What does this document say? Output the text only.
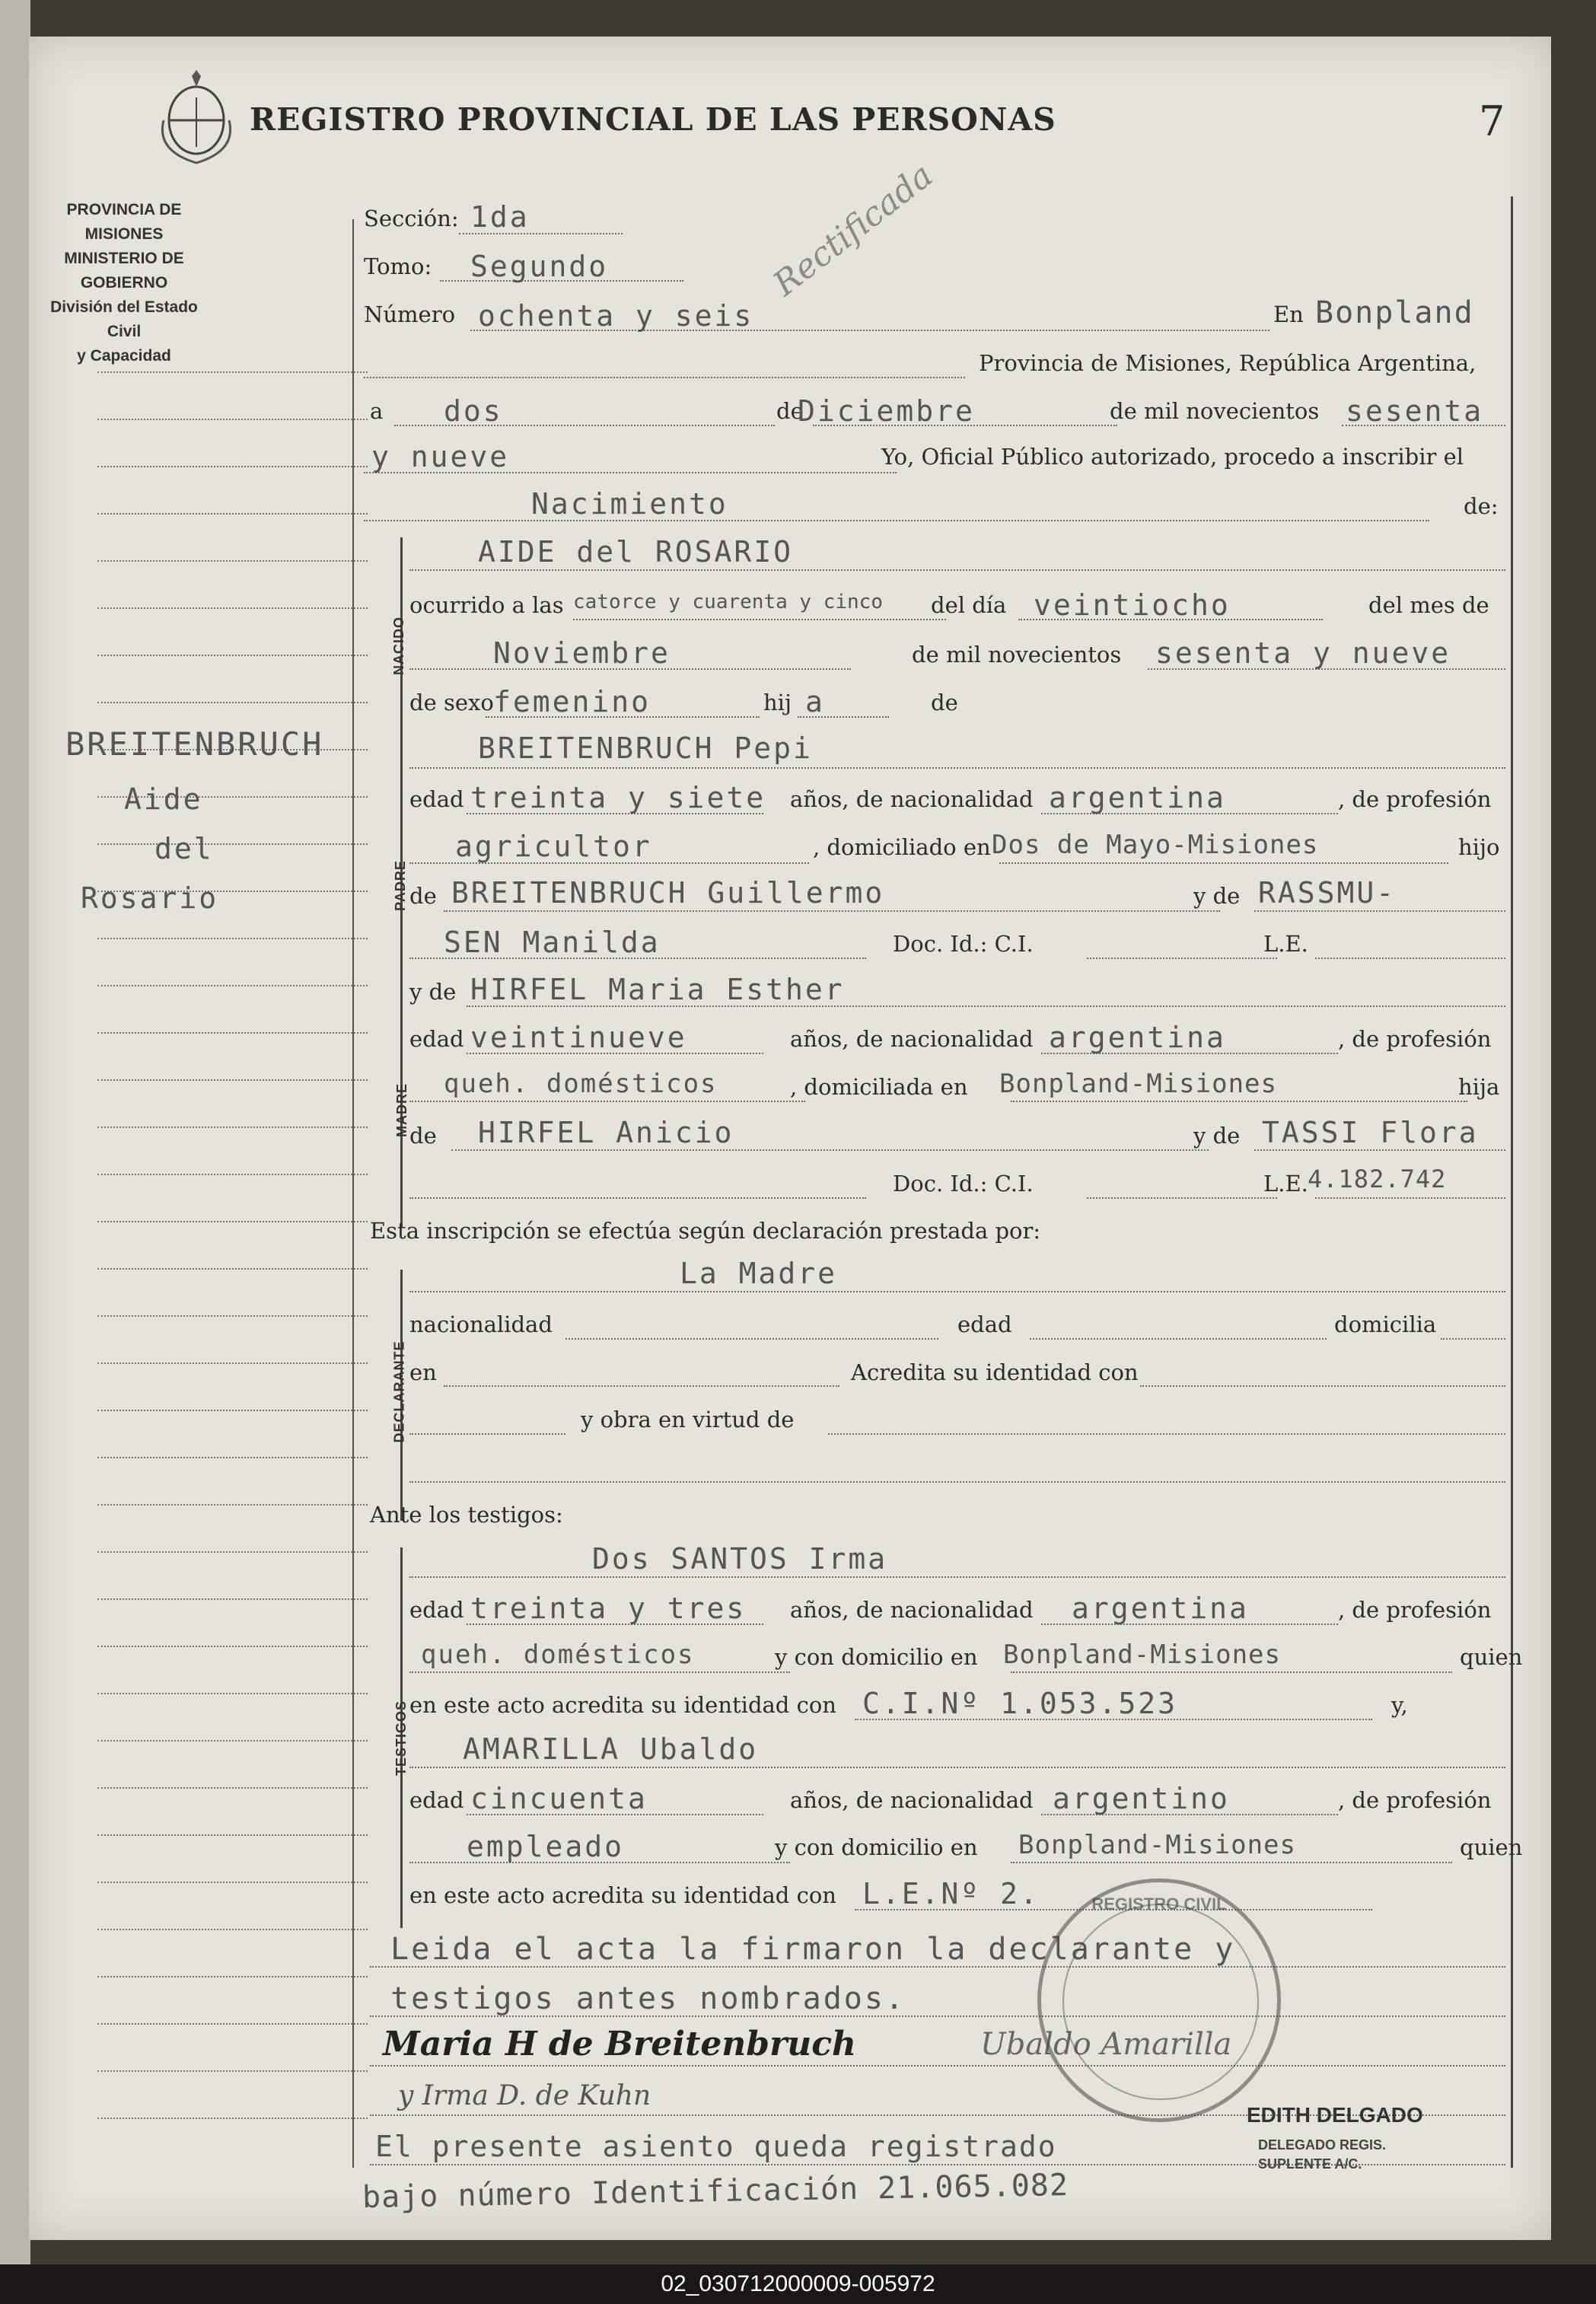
REGISTRO PROVINCIAL DE LAS PERSONAS	7
PROVINCIA DE MISIONES
MINISTERIO DE GOBIERNO
División del Estado Civil
y Capacidad
BREITENBRUCH
Aide
del
Rosario
Sección: 1da
Tomo: Segundo
Número ochenta y seis	En Bonpland
Provincia de Misiones, República Argentina,
a dos	de
Diciembre	de mil novecientos sesenta
y nueve	Yo, Oficial Público autorizado, procedo a inscribir el
Nacimiento	de:
NACIDO
AIDE del ROSARIO
ocurrido a las catorce y cuarenta y cinco del día veintiocho	del mes de
Noviembre	de mil novecientos sesenta y nueve
de sexo femenino	hij a	de
PADRE
BREITENBRUCH Pepi
edad treinta y siete años, de nacionalidad argentina	, de profesión
agricultor	, domiciliado en Dos de Mayo-Misiones	hijo
de BREITENBRUCH Guillermo	y de RASSMU-
SEN Manilda	Doc. Id.: C.I.	L.E.
MADRE
y de HIRFEL Maria Esther
edad veintinueve	años, de nacionalidad argentina	, de profesión
queh. domésticos	, domiciliada en Bonpland-Misiones	hija
de HIRFEL Anicio	y de TASSI Flora
Doc. Id.: C.I.	L.E. 4.182.742
Esta inscripción se efectúa según declaración prestada por:
DECLARANTE
La Madre
nacionalidad	edad	domicilia
en	Acredita su identidad con
y obra en virtud de
Ante los testigos:
TESTIGOS
Dos SANTOS Irma
edad treinta y tres años, de nacionalidad argentina	, de profesión
queh. domésticos	y con domicilio en Bonpland-Misiones	quien
en este acto acredita su identidad con C.I.Nº 1.053.523	y,
AMARILLA Ubaldo
edad cincuenta	años, de nacionalidad argentino	, de profesión
empleado	y con domicilio en Bonpland-Misiones	quien
en este acto acredita su identidad con L.E.Nº 2.
Leida el acta la firmaron la declarante y
testigos antes nombrados.
Maria H de Breitenbruch	Ubaldo Amarilla
y Irma D. de Kuhn
El presente asiento queda registrado
bajo número Identificación 21.065.082
REGISTRO CIVIL
EDITH DELGADO
DELEGADO REGIS.
SUPLENTE A/C.
Rectificada
02_030712000009-005972
